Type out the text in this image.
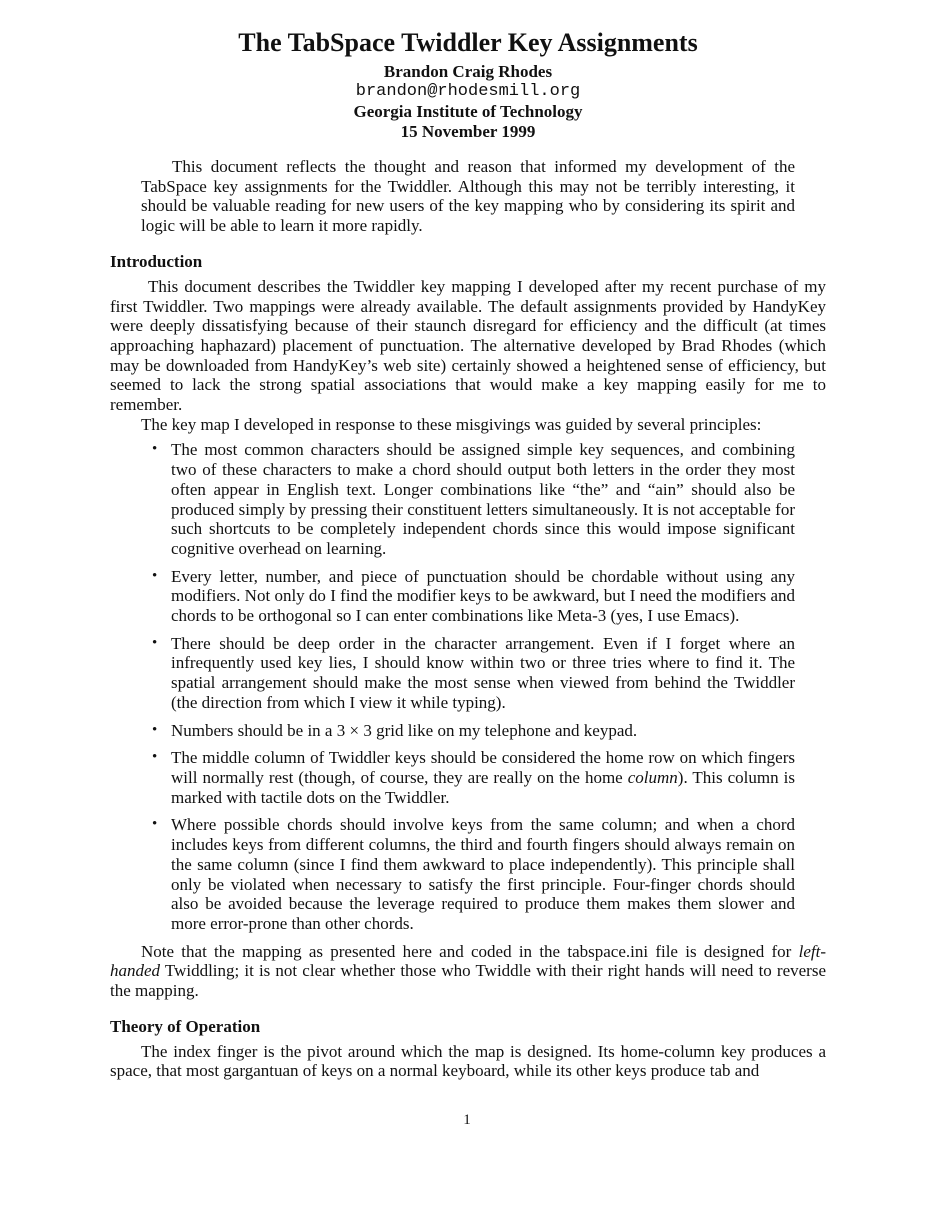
The TabSpace Twiddler Key Assignments
Brandon Craig Rhodes
brandon@rhodesmill.org
Georgia Institute of Technology
15 November 1999

This document reflects the thought and reason that informed my development of the TabSpace key assignments for the Twiddler. Although this may not be terribly interesting, it should be valuable reading for new users of the key mapping who by considering its spirit and logic will be able to learn it more rapidly.

Introduction

This document describes the Twiddler key mapping I developed after my recent purchase of my first Twiddler. Two mappings were already available. The default assignments provided by HandyKey were deeply dissatisfying because of their staunch disregard for efficiency and the difficult (at times approaching haphazard) placement of punctuation. The alternative developed by Brad Rhodes (which may be downloaded from HandyKey’s web site) certainly showed a heightened sense of efficiency, but seemed to lack the strong spatial associations that would make a key mapping easily for me to remember.

The key map I developed in response to these misgivings was guided by several principles:

• The most common characters should be assigned simple key sequences, and combining two of these characters to make a chord should output both letters in the order they most often appear in English text. Longer combinations like “the” and “ain” should also be produced simply by pressing their constituent letters simultaneously. It is not acceptable for such shortcuts to be completely independent chords since this would impose significant cognitive overhead on learning.
• Every letter, number, and piece of punctuation should be chordable without using any modifiers. Not only do I find the modifier keys to be awkward, but I need the modifiers and chords to be orthogonal so I can enter combinations like Meta-3 (yes, I use Emacs).
• There should be deep order in the character arrangement. Even if I forget where an infrequently used key lies, I should know within two or three tries where to find it. The spatial arrangement should make the most sense when viewed from behind the Twiddler (the direction from which I view it while typing).
• Numbers should be in a 3 × 3 grid like on my telephone and keypad.
• The middle column of Twiddler keys should be considered the home row on which fingers will normally rest (though, of course, they are really on the home column). This column is marked with tactile dots on the Twiddler.
• Where possible chords should involve keys from the same column; and when a chord includes keys from different columns, the third and fourth fingers should always remain on the same column (since I find them awkward to place independently). This principle shall only be violated when necessary to satisfy the first principle. Four-finger chords should also be avoided because the leverage required to produce them makes them slower and more error-prone than other chords.

Note that the mapping as presented here and coded in the tabspace.ini file is designed for left-handed Twiddling; it is not clear whether those who Twiddle with their right hands will need to reverse the mapping.

Theory of Operation

The index finger is the pivot around which the map is designed. Its home-column key produces a space, that most gargantuan of keys on a normal keyboard, while its other keys produce tab and

1
